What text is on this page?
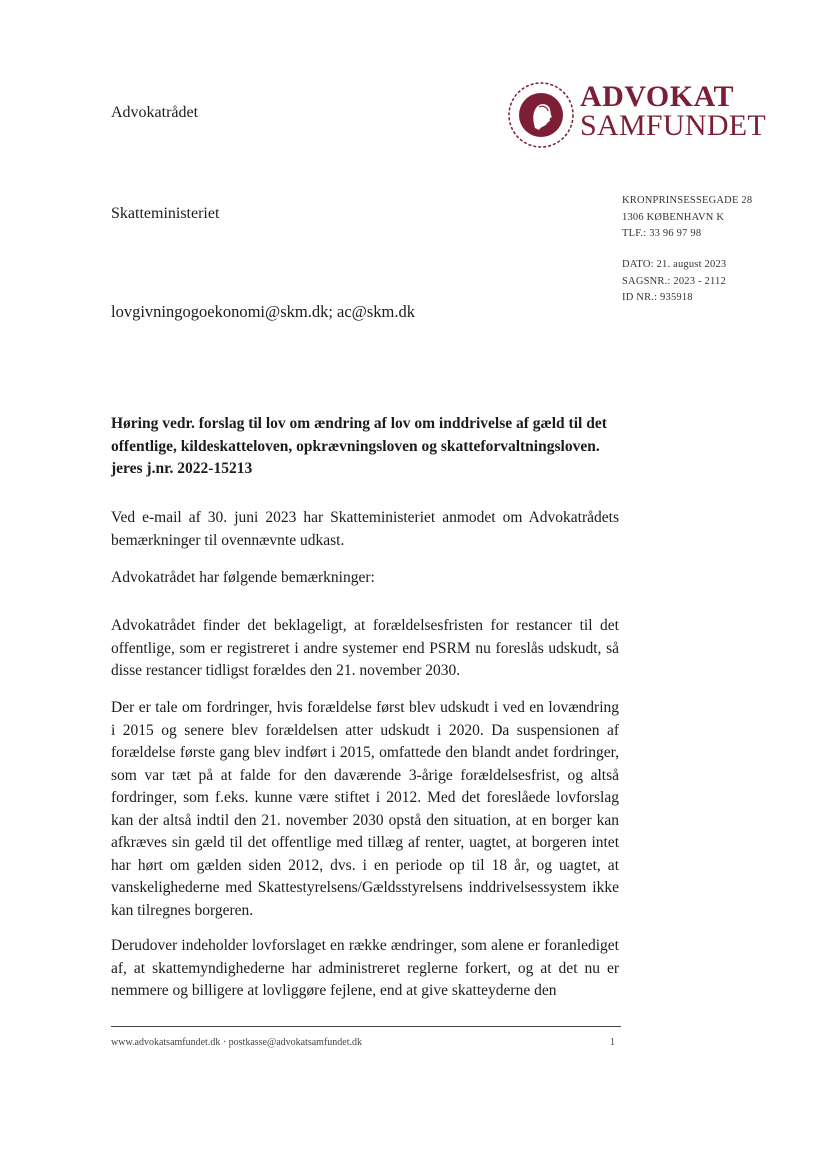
Advokatrådet	ADVOKAT
SAMFUNDET
Skatteministeriet
KRONPRINSESSEGADE 28
1306 KØBENHAVN K
TLF.: 33 96 97 98
DATO: 21. august 2023
SAGSNR.: 2023 - 2112
ID NR.: 935918
lovgivningogoekonomi@skm.dk; ac@skm.dk
Høring vedr. forslag til lov om ændring af lov om inddrivelse af gæld til det offentlige, kildeskatteloven, opkrævningsloven og skatteforvaltningsloven. jeres j.nr. 2022-15213
Ved e-mail af 30. juni 2023 har Skatteministeriet anmodet om Advokatrådets bemærkninger til ovennævnte udkast.
Advokatrådet har følgende bemærkninger:
Advokatrådet finder det beklageligt, at forældelsesfristen for restancer til det offentlige, som er registreret i andre systemer end PSRM nu foreslås udskudt, så disse restancer tidligst forældes den 21. november 2030.
Der er tale om fordringer, hvis forældelse først blev udskudt i ved en lovændring i 2015 og senere blev forældelsen atter udskudt i 2020. Da suspensionen af forældelse første gang blev indført i 2015, omfattede den blandt andet fordringer, som var tæt på at falde for den daværende 3-årige forældelsesfrist, og altså fordringer, som f.eks. kunne være stiftet i 2012. Med det foreslåede lovforslag kan der altså indtil den 21. november 2030 opstå den situation, at en borger kan afkræves sin gæld til det offentlige med tillæg af renter, uagtet, at borgeren intet har hørt om gælden siden 2012, dvs. i en periode op til 18 år, og uagtet, at vanskelighederne med Skattestyrelsens/Gældsstyrelsens inddrivelsessystem ikke kan tilregnes borgeren.
Derudover indeholder lovforslaget en række ændringer, som alene er foranlediget af, at skattemyndighederne har administreret reglerne forkert, og at det nu er nemmere og billigere at lovliggøre fejlene, end at give skatteyderne den
www.advokatsamfundet.dk · postkasse@advokatsamfundet.dk	1
